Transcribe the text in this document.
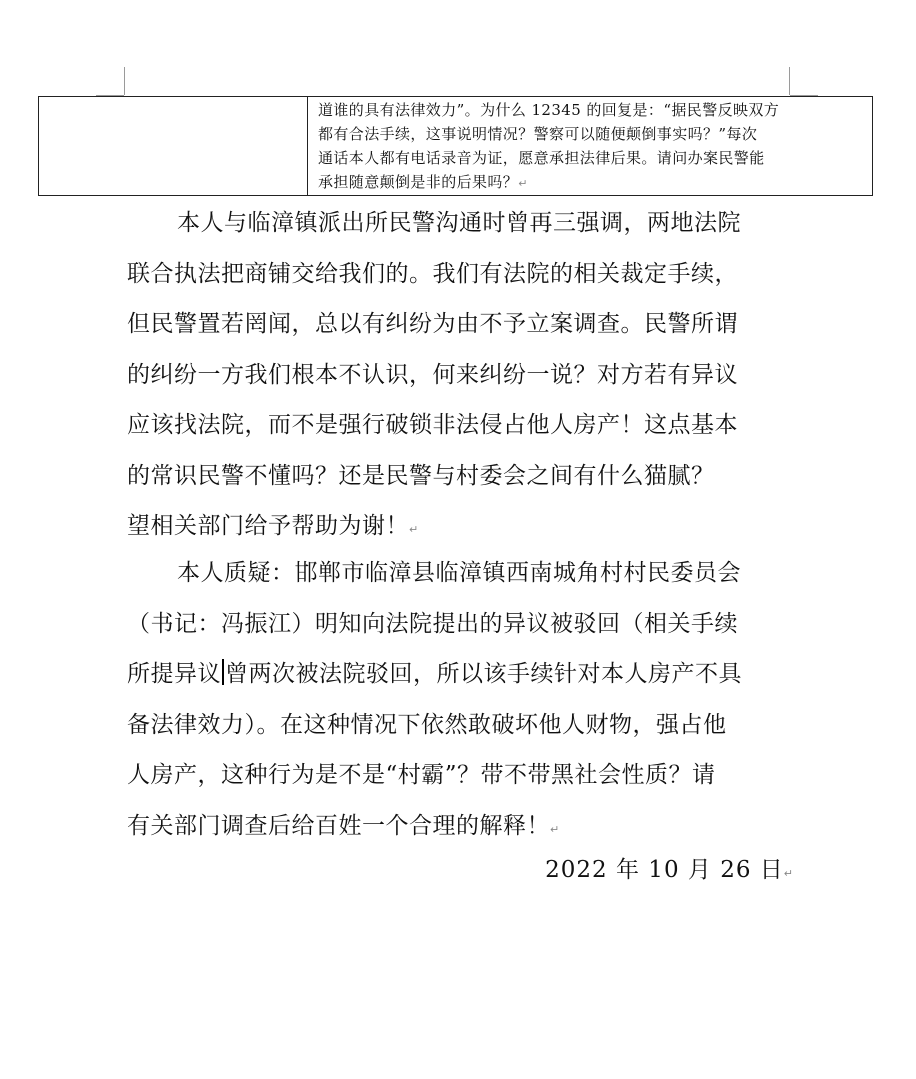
道谁的具有法律效力”。为什么 12345 的回复是：“据民警反映双方
都有合法手续，这事说明情况？警察可以随便颠倒事实吗？”每次
通话本人都有电话录音为证，愿意承担法律后果。请问办案民警能
承担随意颠倒是非的后果吗？↵
本人与临漳镇派出所民警沟通时曾再三强调，两地法院
联合执法把商铺交给我们的。我们有法院的相关裁定手续，
但民警置若罔闻，总以有纠纷为由不予立案调查。民警所谓
的纠纷一方我们根本不认识，何来纠纷一说？对方若有异议
应该找法院，而不是强行破锁非法侵占他人房产！这点基本
的常识民警不懂吗？还是民警与村委会之间有什么猫腻？
望相关部门给予帮助为谢！↵
本人质疑：邯郸市临漳县临漳镇西南城角村村民委员会
（书记：冯振江）明知向法院提出的异议被驳回（相关手续
所提异议 曾两次被法院驳回，所以该手续针对本人房产不具
备法律效力）。在这种情况下依然敢破坏他人财物，强占他
人房产，这种行为是不是“村霸”？带不带黑社会性质？请
有关部门调查后给百姓一个合理的解释！↵
2022 年 10 月 26 日↵
